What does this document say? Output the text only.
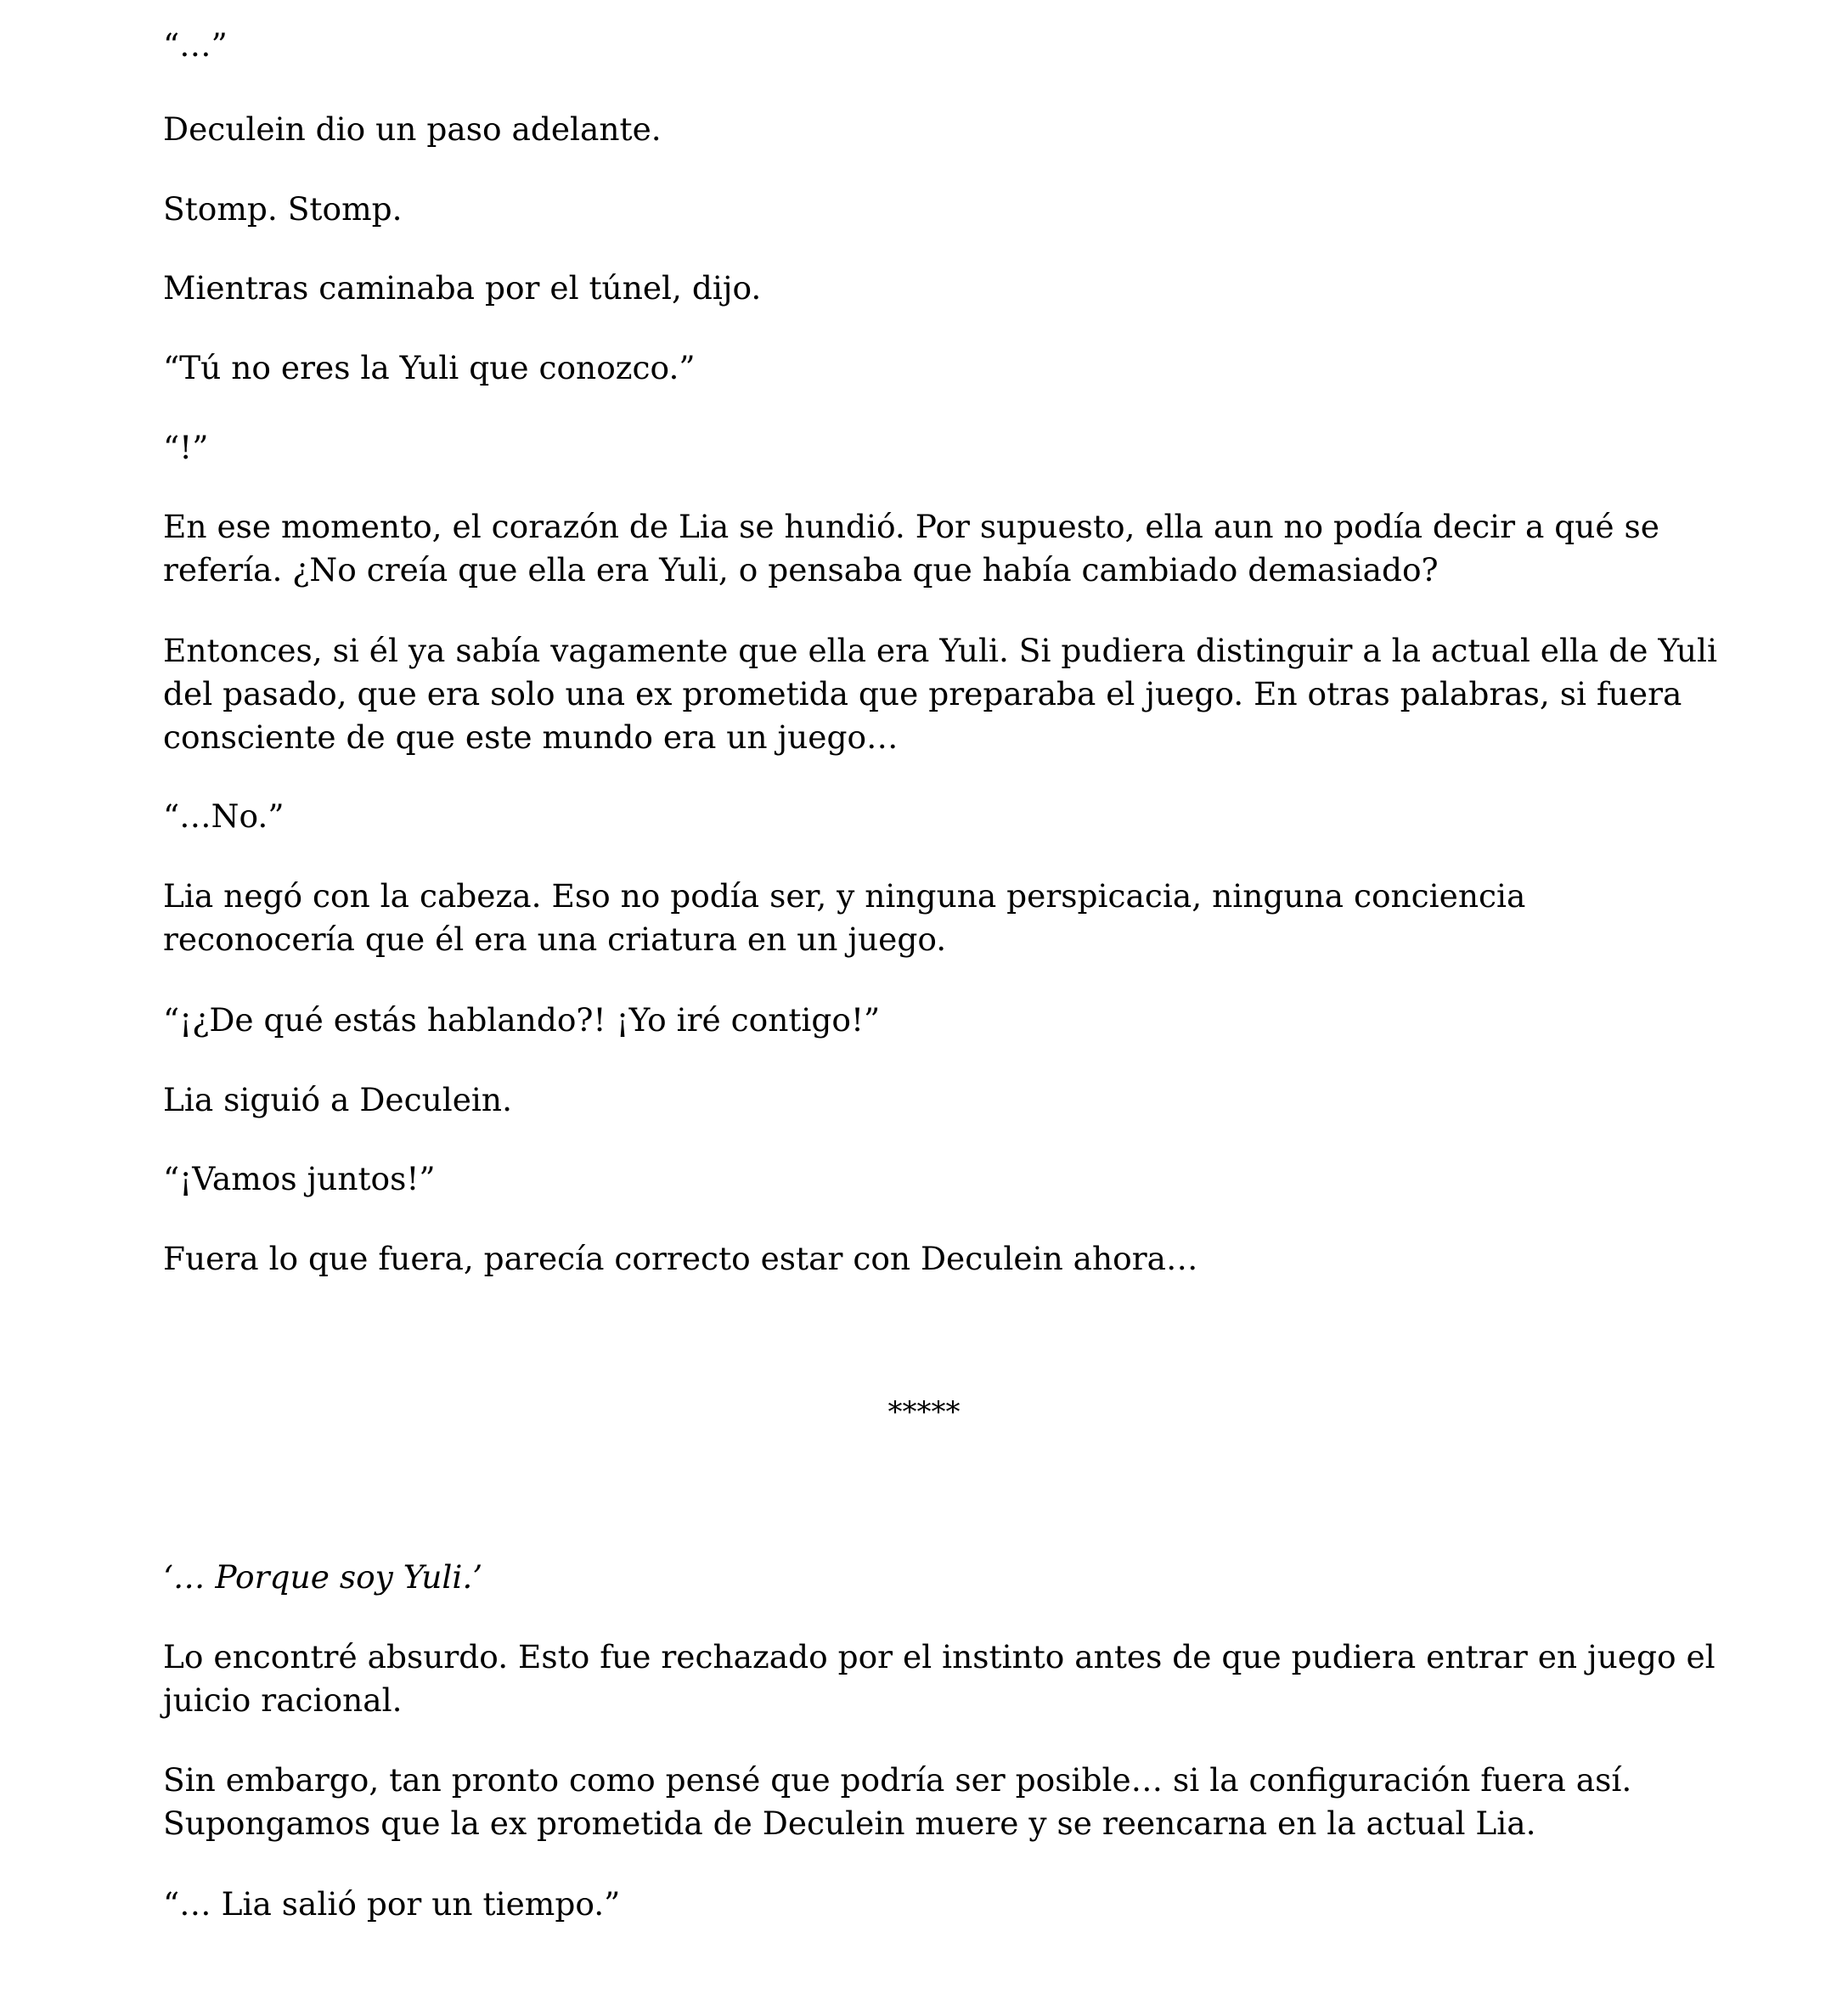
“…”

Deculein dio un paso adelante.

Stomp. Stomp.

Mientras caminaba por el túnel, dijo.

“Tú no eres la Yuli que conozco.”

“!”

En ese momento, el corazón de Lia se hundió. Por supuesto, ella aun no podía decir a qué se refería. ¿No creía que ella era Yuli, o pensaba que había cambiado demasiado?

Entonces, si él ya sabía vagamente que ella era Yuli. Si pudiera distinguir a la actual ella de Yuli del pasado, que era solo una ex prometida que preparaba el juego. En otras palabras, si fuera consciente de que este mundo era un juego…

“…No.”

Lia negó con la cabeza. Eso no podía ser, y ninguna perspicacia, ninguna conciencia reconocería que él era una criatura en un juego.

“¡¿De qué estás hablando?! ¡Yo iré contigo!”

Lia siguió a Deculein.

“¡Vamos juntos!”

Fuera lo que fuera, parecía correcto estar con Deculein ahora…

*****

‘… Porque soy Yuli.’

Lo encontré absurdo. Esto fue rechazado por el instinto antes de que pudiera entrar en juego el juicio racional.

Sin embargo, tan pronto como pensé que podría ser posible… si la configuración fuera así. Supongamos que la ex prometida de Deculein muere y se reencarna en la actual Lia.

“… Lia salió por un tiempo.”
